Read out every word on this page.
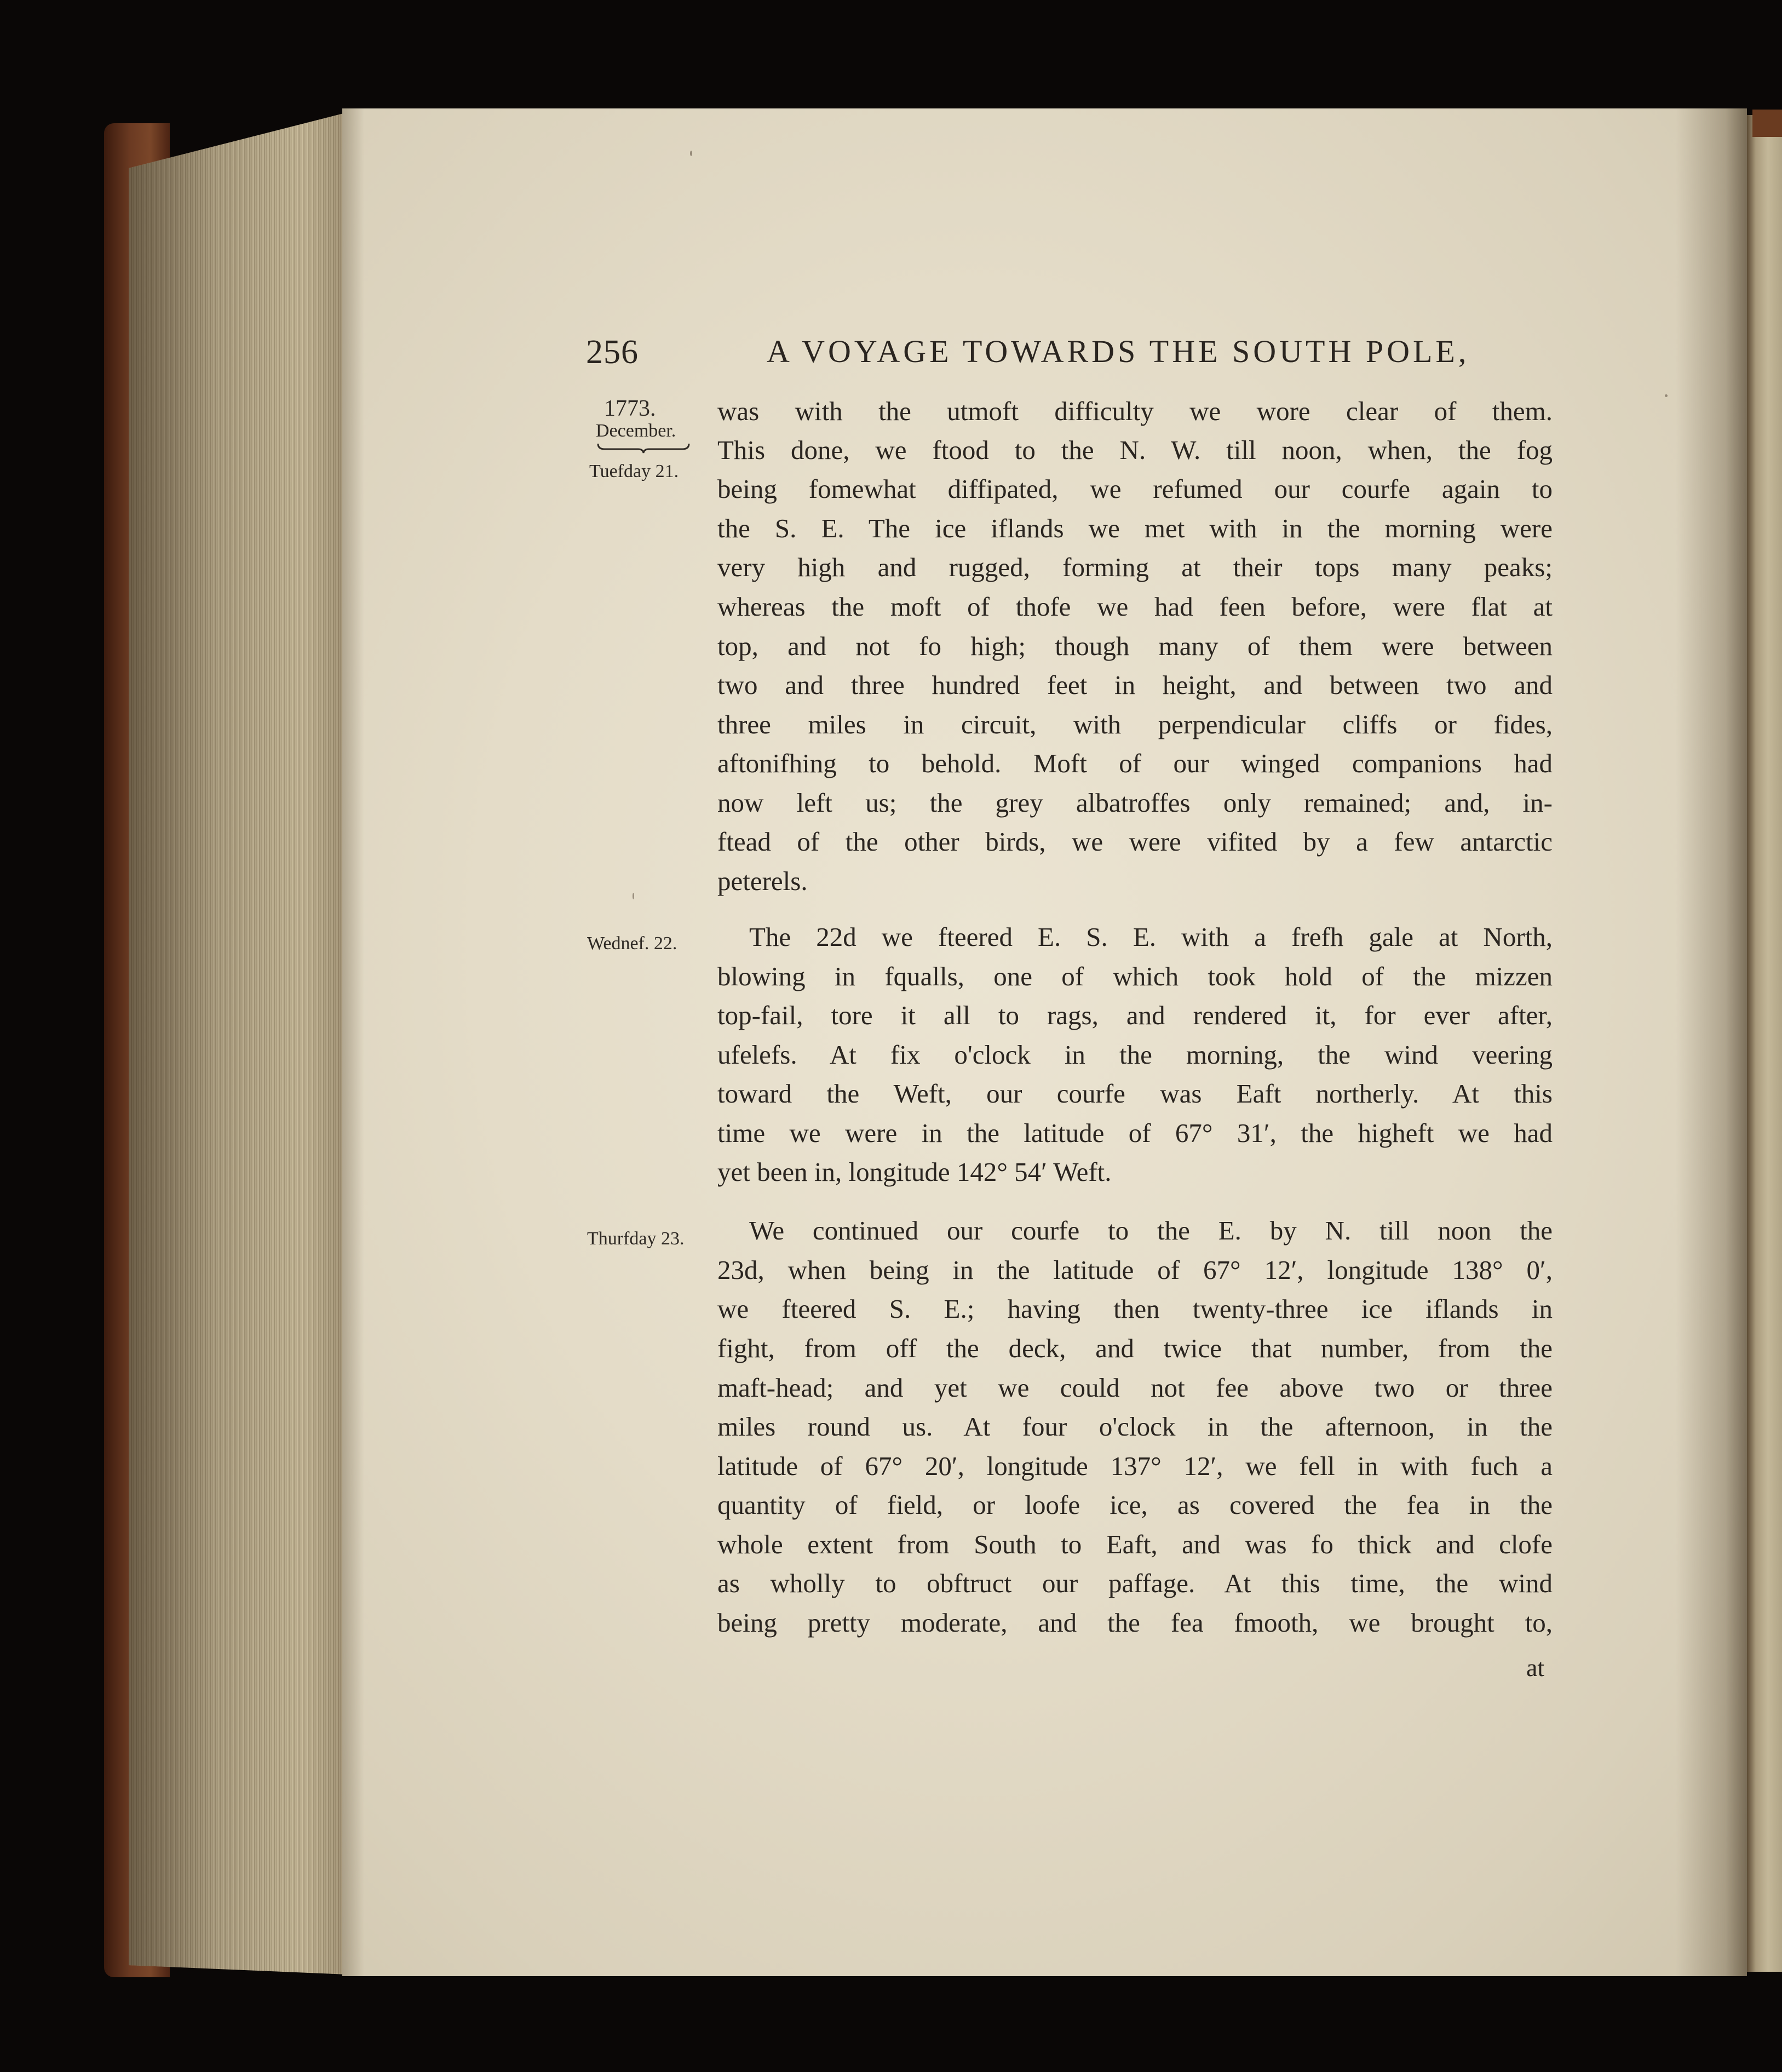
256	A VOYAGE TOWARDS THE SOUTH POLE,
1773.
December.
Tuefday 21.
Wednef. 22.
Thurfday 23.
was with the utmoft difficulty we wore clear of them.
This done, we ftood to the N. W. till noon, when, the fog
being fomewhat diffipated, we refumed our courfe again to
the S. E. The ice iflands we met with in the morning were
very high and rugged, forming at their tops many peaks;
whereas the moft of thofe we had feen before, were flat at
top, and not fo high; though many of them were between
two and three hundred feet in height, and between two and
three miles in circuit, with perpendicular cliffs or fides,
aftonifhing to behold. Moft of our winged companions had
now left us; the grey albatroffes only remained; and, in-
ftead of the other birds, we were vifited by a few antarctic
peterels.
The 22d we fteered E. S. E. with a frefh gale at North,
blowing in fqualls, one of which took hold of the mizzen
top-fail, tore it all to rags, and rendered it, for ever after,
ufelefs. At fix o'clock in the morning, the wind veering
toward the Weft, our courfe was Eaft northerly. At this
time we were in the latitude of 67° 31′, the higheft we had
yet been in, longitude 142° 54′ Weft.
We continued our courfe to the E. by N. till noon the
23d, when being in the latitude of 67° 12′, longitude 138° 0′,
we fteered S. E.; having then twenty-three ice iflands in
fight, from off the deck, and twice that number, from the
maft-head; and yet we could not fee above two or three
miles round us. At four o'clock in the afternoon, in the
latitude of 67° 20′, longitude 137° 12′, we fell in with fuch a
quantity of field, or loofe ice, as covered the fea in the
whole extent from South to Eaft, and was fo thick and clofe
as wholly to obftruct our paffage. At this time, the wind
being pretty moderate, and the fea fmooth, we brought to,
at
